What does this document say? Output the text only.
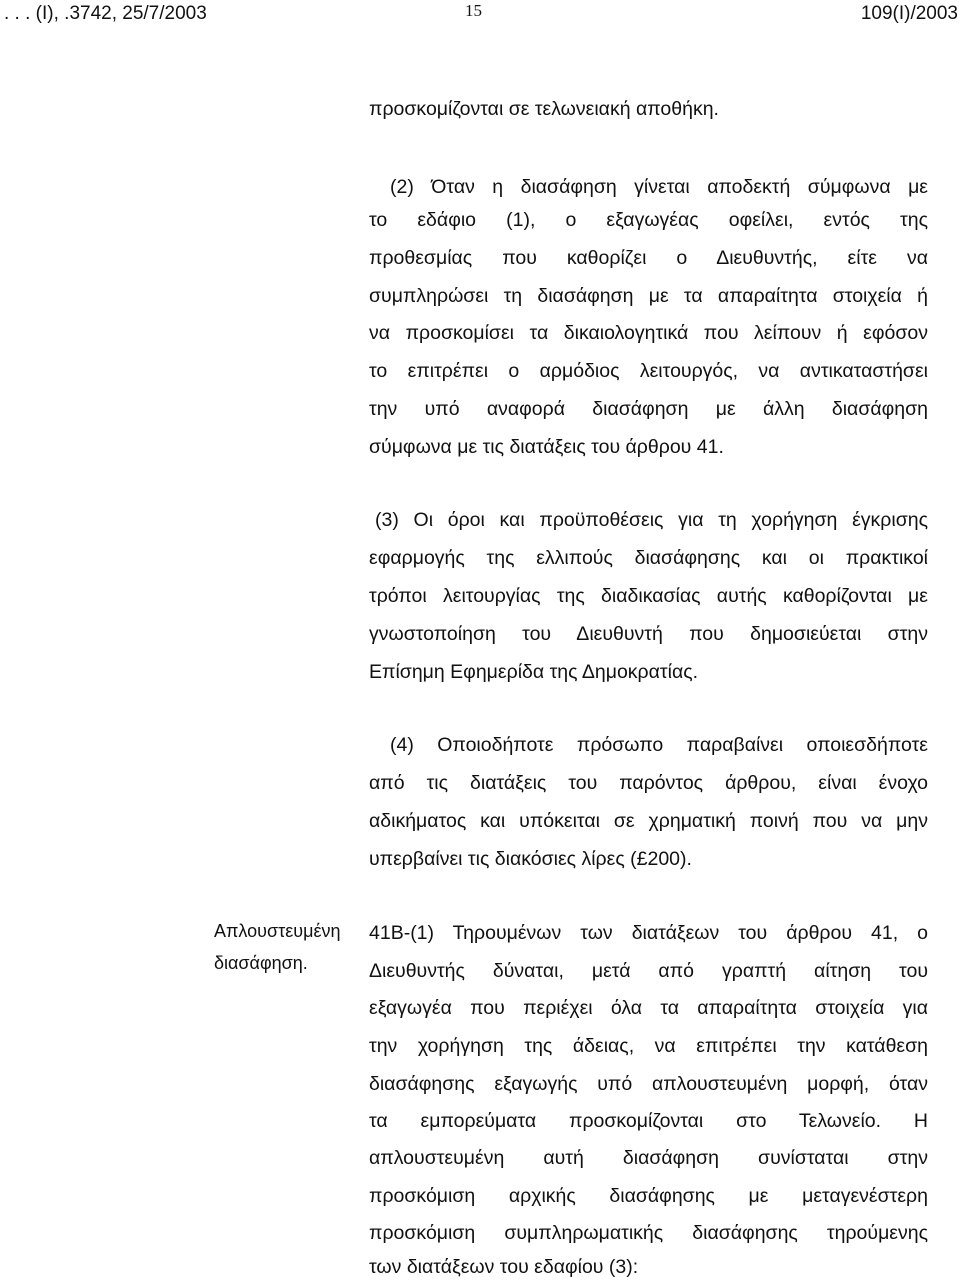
. . . (Ι), .3742, 25/7/2003	15	109(Ι)/2003
προσκομίζονται σε τελωνειακή αποθήκη.
(2) Όταν η διασάφηση γίνεται αποδεκτή σύμφωνα με
το εδάφιο (1), ο εξαγωγέας οφείλει, εντός της
προθεσμίας που καθορίζει ο Διευθυντής, είτε να
συμπληρώσει τη διασάφηση με τα απαραίτητα στοιχεία ή
να προσκομίσει τα δικαιολογητικά που λείπουν ή εφόσον
το επιτρέπει ο αρμόδιος λειτουργός, να αντικαταστήσει
την υπό αναφορά διασάφηση με άλλη διασάφηση
σύμφωνα με τις διατάξεις του άρθρου 41.
(3) Οι όροι και προϋποθέσεις για τη χορήγηση έγκρισης
εφαρμογής της ελλιπούς διασάφησης και οι πρακτικοί
τρόποι λειτουργίας της διαδικασίας αυτής καθορίζονται με
γνωστοποίηση του Διευθυντή που δημοσιεύεται στην
Επίσημη Εφημερίδα της Δημοκρατίας.
(4) Οποιοδήποτε πρόσωπο παραβαίνει οποιεσδήποτε
από τις διατάξεις του παρόντος άρθρου, είναι ένοχο
αδικήματος και υπόκειται σε χρηματική ποινή που να μην
υπερβαίνει τις διακόσιες λίρες (£200).
Απλουστευμένη
διασάφηση.
41Β-(1) Τηρουμένων των διατάξεων του άρθρου 41, ο
Διευθυντής δύναται, μετά από γραπτή αίτηση του
εξαγωγέα που περιέχει όλα τα απαραίτητα στοιχεία για
την χορήγηση της άδειας, να επιτρέπει την κατάθεση
διασάφησης εξαγωγής υπό απλουστευμένη μορφή, όταν
τα εμπορεύματα προσκομίζονται στο Τελωνείο. Η
απλουστευμένη αυτή διασάφηση συνίσταται στην
προσκόμιση αρχικής διασάφησης με μεταγενέστερη
προσκόμιση συμπληρωματικής διασάφησης τηρούμενης
των διατάξεων του εδαφίου (3):
